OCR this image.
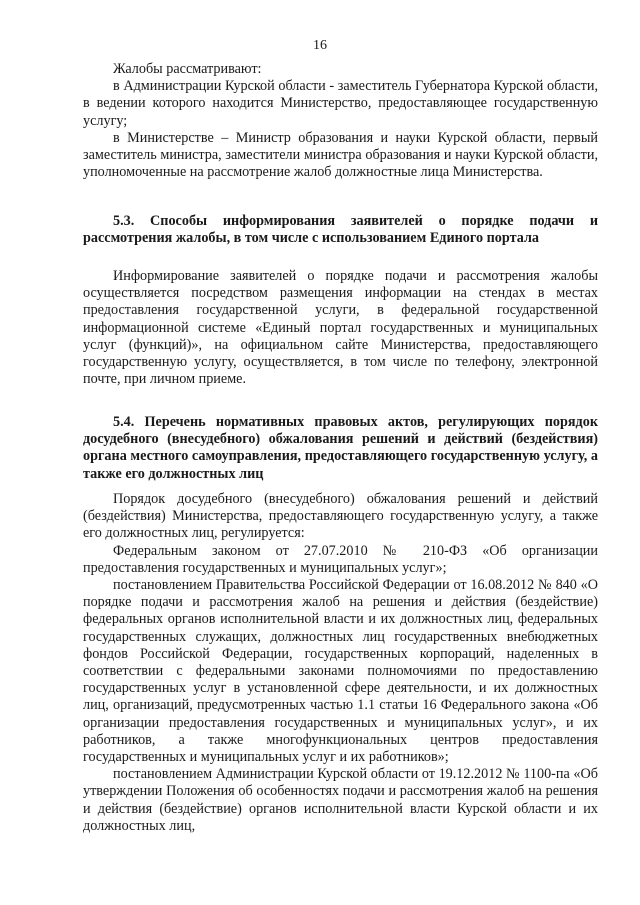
16

Жалобы рассматривают:

в Администрации Курской области - заместитель Губернатора Курской области, в ведении которого находится Министерство, предоставляющее государственную услугу;

в Министерстве – Министр образования и науки Курской области, первый заместитель министра, заместители министра образования и науки Курской области, уполномоченные на рассмотрение жалоб должностные лица Министерства.

5.3. Способы информирования заявителей о порядке подачи и рассмотрения жалобы, в том числе с использованием Единого портала

Информирование заявителей о порядке подачи и рассмотрения жалобы осуществляется посредством размещения информации на стендах в местах предоставления государственной услуги, в федеральной государственной информационной системе «Единый портал государственных и муниципальных услуг (функций)», на официальном сайте Министерства, предоставляющего государственную услугу, осуществляется, в том числе по телефону, электронной почте, при личном приеме.

5.4. Перечень нормативных правовых актов, регулирующих порядок досудебного (внесудебного) обжалования решений и действий (бездействия) органа местного самоуправления, предоставляющего государственную услугу, а также его должностных лиц

Порядок досудебного (внесудебного) обжалования решений и действий (бездействия) Министерства, предоставляющего государственную услугу, а также его должностных лиц, регулируется:

Федеральным законом от 27.07.2010 № 210-ФЗ «Об организации предоставления государственных и муниципальных услуг»;

постановлением Правительства Российской Федерации от 16.08.2012 № 840 «О порядке подачи и рассмотрения жалоб на решения и действия (бездействие) федеральных органов исполнительной власти и их должностных лиц, федеральных государственных служащих, должностных лиц государственных внебюджетных фондов Российской Федерации, государственных корпораций, наделенных в соответствии с федеральными законами полномочиями по предоставлению государственных услуг в установленной сфере деятельности, и их должностных лиц, организаций, предусмотренных частью 1.1 статьи 16 Федерального закона «Об организации предоставления государственных и муниципальных услуг», и их работников, а также многофункциональных центров предоставления государственных и муниципальных услуг и их работников»;

постановлением Администрации Курской области от 19.12.2012 № 1100-па «Об утверждении Положения об особенностях подачи и рассмотрения жалоб на решения и действия (бездействие) органов исполнительной власти Курской области и их должностных лиц,
